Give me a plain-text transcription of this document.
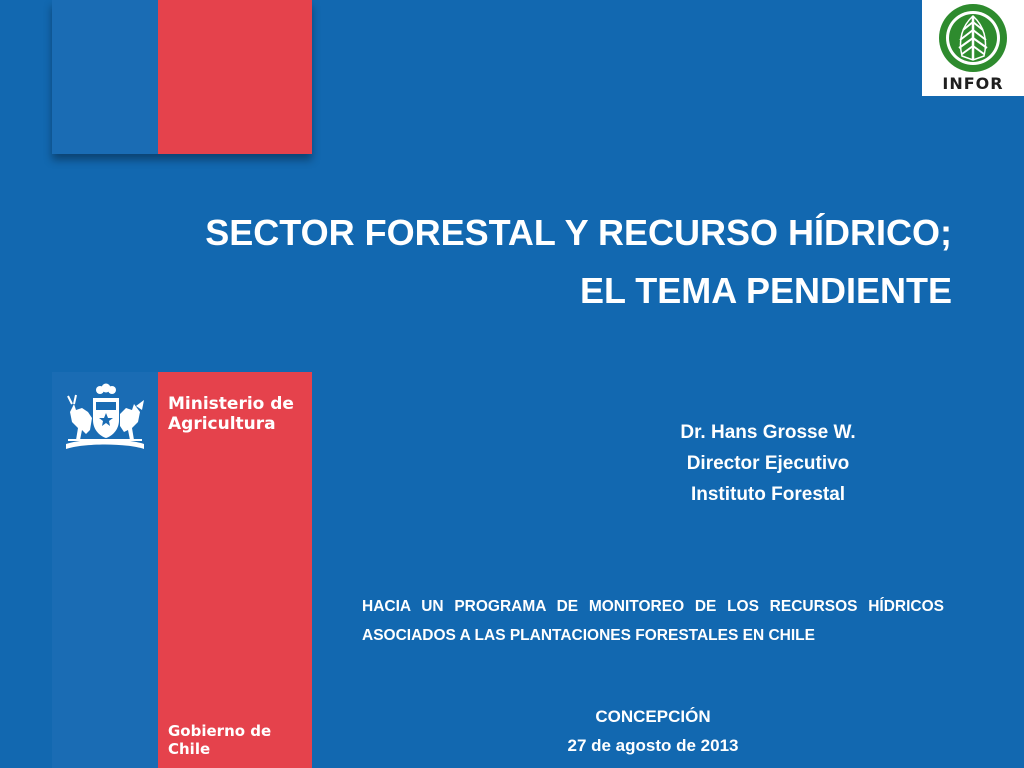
INFOR
SECTOR FORESTAL Y RECURSO HÍDRICO;
EL TEMA PENDIENTE
Ministerio de Agricultura
Gobierno de Chile
Dr. Hans Grosse W.
Director Ejecutivo
Instituto Forestal
HACIA UN PROGRAMA DE MONITOREO DE LOS RECURSOS HÍDRICOS ASOCIADOS A LAS PLANTACIONES FORESTALES EN CHILE
CONCEPCIÓN
27 de agosto de 2013
